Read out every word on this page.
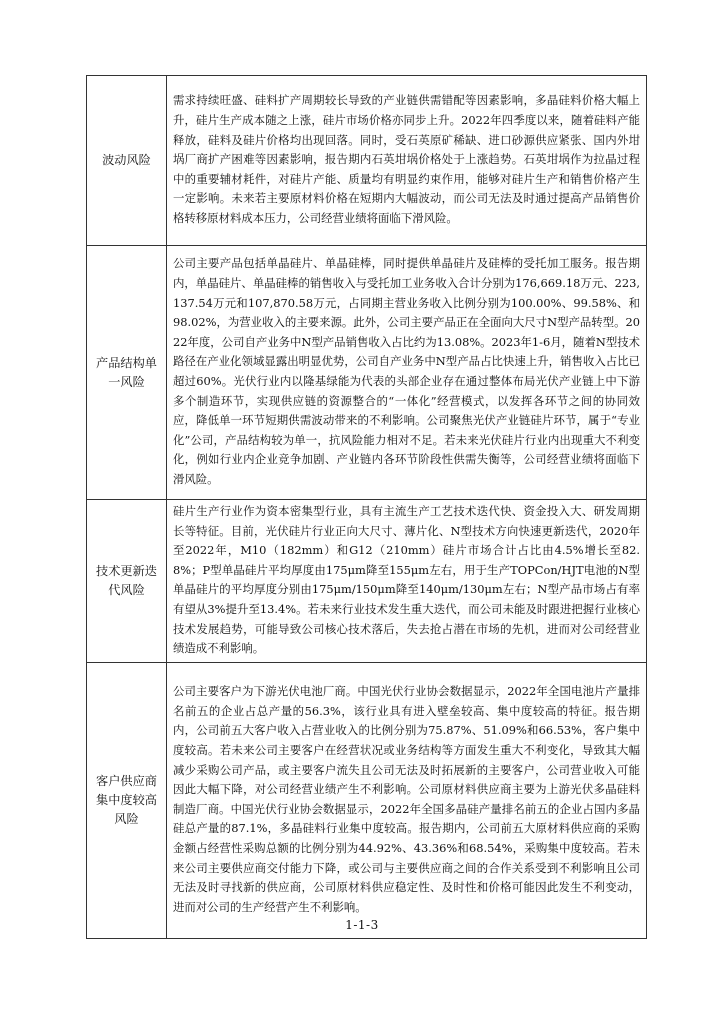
波动风险	需求持续旺盛、硅料扩产周期较长导致的产业链供需错配等因素影响，多晶硅料价格大幅上升，硅片生产成本随之上涨，硅片市场价格亦同步上升。2022年四季度以来，随着硅料产能释放，硅料及硅片价格均出现回落。同时，受石英原矿稀缺、进口砂源供应紧张、国内外坩埚厂商扩产困难等因素影响，报告期内石英坩埚价格处于上涨趋势。石英坩埚作为拉晶过程中的重要辅材耗件，对硅片产能、质量均有明显约束作用，能够对硅片生产和销售价格产生一定影响。未来若主要原材料价格在短期内大幅波动，而公司无法及时通过提高产品销售价格转移原材料成本压力，公司经营业绩将面临下滑风险。
产品结构单一风险	公司主要产品包括单晶硅片、单晶硅棒，同时提供单晶硅片及硅棒的受托加工服务。报告期内，单晶硅片、单晶硅棒的销售收入与受托加工业务收入合计分别为176,669.18万元、223,137.54万元和107,870.58万元，占同期主营业务收入比例分别为100.00%、99.58%、和98.02%，为营业收入的主要来源。此外，公司主要产品正在全面向大尺寸N型产品转型。2022年度，公司自产业务中N型产品销售收入占比约为13.08%。2023年1-6月，随着N型技术路径在产业化领域显露出明显优势，公司自产业务中N型产品占比快速上升，销售收入占比已超过60%。光伏行业内以隆基绿能为代表的头部企业存在通过整体布局光伏产业链上中下游多个制造环节，实现供应链的资源整合的“一体化”经营模式，以发挥各环节之间的协同效应，降低单一环节短期供需波动带来的不利影响。公司聚焦光伏产业链硅片环节，属于“专业化”公司，产品结构较为单一，抗风险能力相对不足。若未来光伏硅片行业内出现重大不利变化，例如行业内企业竞争加剧、产业链内各环节阶段性供需失衡等，公司经营业绩将面临下滑风险。
技术更新迭代风险	硅片生产行业作为资本密集型行业，具有主流生产工艺技术迭代快、资金投入大、研发周期长等特征。目前，光伏硅片行业正向大尺寸、薄片化、N型技术方向快速更新迭代，2020年至2022年，M10（182mm）和G12（210mm）硅片市场合计占比由4.5%增长至82.8%；P型单晶硅片平均厚度由175μm降至155μm左右，用于生产TOPCon/HJT电池的N型单晶硅片的平均厚度分别由175μm/150μm降至140μm/130μm左右；N型产品市场占有率有望从3%提升至13.4%。若未来行业技术发生重大迭代，而公司未能及时跟进把握行业核心技术发展趋势，可能导致公司核心技术落后，失去抢占潜在市场的先机，进而对公司经营业绩造成不利影响。
客户供应商集中度较高风险	公司主要客户为下游光伏电池厂商。中国光伏行业协会数据显示，2022年全国电池片产量排名前五的企业占总产量的56.3%，该行业具有进入壁垒较高、集中度较高的特征。报告期内，公司前五大客户收入占营业收入的比例分别为75.87%、51.09%和66.53%，客户集中度较高。若未来公司主要客户在经营状况或业务结构等方面发生重大不利变化，导致其大幅减少采购公司产品，或主要客户流失且公司无法及时拓展新的主要客户，公司营业收入可能因此大幅下降，对公司经营业绩产生不利影响。公司原材料供应商主要为上游光伏多晶硅料制造厂商。中国光伏行业协会数据显示，2022年全国多晶硅产量排名前五的企业占国内多晶硅总产量的87.1%，多晶硅料行业集中度较高。报告期内，公司前五大原材料供应商的采购金额占经营性采购总额的比例分别为44.92%、43.36%和68.54%，采购集中度较高。若未来公司主要供应商交付能力下降，或公司与主要供应商之间的合作关系受到不利影响且公司无法及时寻找新的供应商，公司原材料供应稳定性、及时性和价格可能因此发生不利变动，进而对公司的生产经营产生不利影响。
1-1-3
